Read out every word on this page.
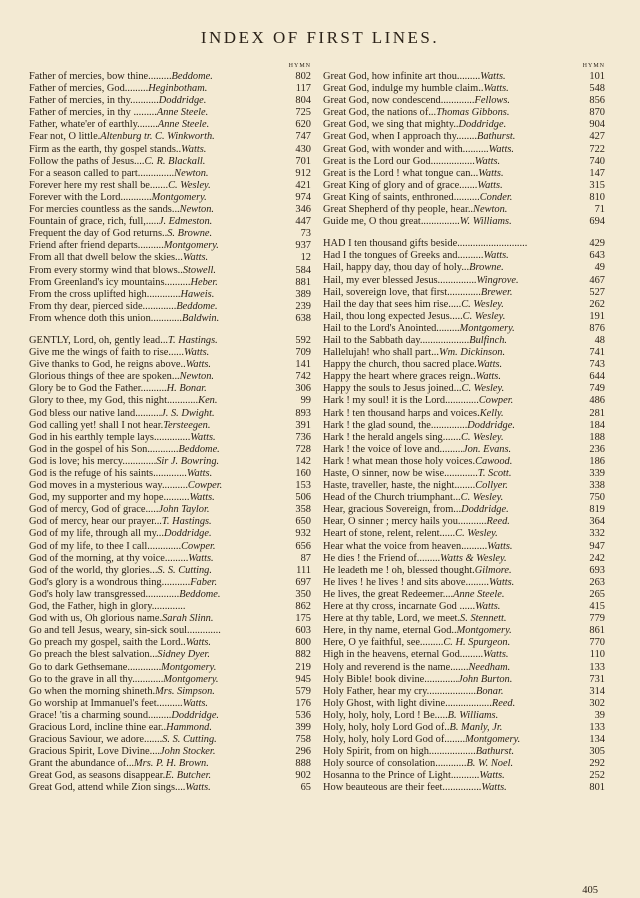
INDEX OF FIRST LINES.
HYMN
Father of mercies, bow thine.........Beddome.	802
Father of mercies, God.........Heginbotham.	117
Father of mercies, in thy...........Doddridge.	804
Father of mercies, in thy .........Anne Steele.	725
Father, whate'er of earthly........Anne Steele.	620
Fear not, O little.Altenburg tr. C. Winkworth.	747
Firm as the earth, thy gospel stands..Watts.	430
Follow the paths of Jesus....C. R. Blackall.	701
For a season called to part..............Newton.	912
Forever here my rest shall be.......C. Wesley.	421
Forever with the Lord............Montgomery.	974
For mercies countless as the sands...Newton.	346
Fountain of grace, rich, full,.....J. Edmeston.	447
Frequent the day of God returns..S. Browne.	73
Friend after friend departs..........Montgomery.	937
From all that dwell below the skies...Watts.	12
From every stormy wind that blows..Stowell.	584
From Greenland's icy mountains..........Heber.	881
From the cross uplifted high.............Haweis.	389
From thy dear, pierced side.............Beddome.	239
From whence doth this union............Baldwin.	638
GENTLY, Lord, oh, gently lead...T. Hastings.	592
Give me the wings of faith to rise......Watts.	709
Give thanks to God, he reigns above..Watts.	141
Glorious things of thee are spoken...Newton.	742
Glory be to God the Father..........H. Bonar.	306
Glory to thee, my God, this night............Ken.	99
God bless our native land..........J. S. Dwight.	893
God calling yet! shall I not hear.Tersteegen.	391
God in his earthly temple lays..............Watts.	736
God in the gospel of his Son............Beddome.	728
God is love; his mercy.............Sir J. Bowring.	142
God is the refuge of his saints.............Watts.	160
God moves in a mysterious way..........Cowper.	153
God, my supporter and my hope..........Watts.	506
God of mercy, God of grace.....John Taylor.	358
God of mercy, hear our prayer...T. Hastings.	650
God of my life, through all my...Doddridge.	932
God of my life, to thee I call.............Cowper.	656
God of the morning, at thy voice.........Watts.	87
God of the world, thy glories...S. S. Cutting.	111
God's glory is a wondrous thing...........Faber.	697
God's holy law transgressed.............Beddome.	350
God, the Father, high in glory.............	862
God with us, Oh glorious name.Sarah Slinn.	175
Go and tell Jesus, weary, sin-sick soul.............	603
Go preach my gospel, saith the Lord..Watts.	800
Go preach the blest salvation...Sidney Dyer.	882
Go to dark Gethsemane.............Montgomery.	219
Go to the grave in all thy............Montgomery.	945
Go when the morning shineth.Mrs. Simpson.	579
Go worship at Immanuel's feet..........Watts.	176
Grace! 'tis a charming sound.........Doddridge.	536
Gracious Lord, incline thine ear..Hammond.	399
Gracious Saviour, we adore.......S. S. Cutting.	758
Gracious Spirit, Love Divine....John Stocker.	296
Grant the abundance of...Mrs. P. H. Brown.	888
Great God, as seasons disappear.E. Butcher.	902
Great God, attend while Zion sings....Watts.	65
HYMN
Great God, how infinite art thou.........Watts.	101
Great God, indulge my humble claim..Watts.	548
Great God, now condescend.............Fellows.	856
Great God, the nations of...Thomas Gibbons.	870
Great God, we sing that mighty..Doddridge.	904
Great God, when I approach thy........Bathurst.	427
Great God, with wonder and with..........Watts.	722
Great is the Lord our God.................Watts.	740
Great is the Lord ! what tongue can...Watts.	147
Great King of glory and of grace.......Watts.	315
Great King of saints, enthroned..........Conder.	810
Great Shepherd of thy people, hear..Newton.	71
Guide me, O thou great...............W. Williams.	694
HAD I ten thousand gifts beside...........................	429
Had I the tongues of Greeks and..........Watts.	643
Hail, happy day, thou day of holy...Browne.	49
Hail, my ever blessed Jesus...............Wingrove.	467
Hail, sovereign love, that first.............Brewer.	527
Hail the day that sees him rise.....C. Wesley.	262
Hail, thou long expected Jesus.....C. Wesley.	191
Hail to the Lord's Anointed.........Montgomery.	876
Hail to the Sabbath day...................Bulfinch.	48
Hallelujah! who shall part...Wm. Dickinson.	741
Happy the church, thou sacred place.Watts.	743
Happy the heart where graces reign..Watts.	644
Happy the souls to Jesus joined...C. Wesley.	749
Hark ! my soul! it is the Lord.............Cowper.	486
Hark ! ten thousand harps and voices.Kelly.	281
Hark ! the glad sound, the..............Doddridge.	184
Hark ! the herald angels sing.......C. Wesley.	188
Hark ! the voice of love and.........Jon. Evans.	236
Hark ! what mean those holy voices.Cawood.	186
Haste, O sinner, now be wise.............T. Scott.	339
Haste, traveller, haste, the night........Collyer.	338
Head of the Church triumphant...C. Wesley.	750
Hear, gracious Sovereign, from...Doddridge.	819
Hear, O sinner ; mercy hails you...........Reed.	364
Heart of stone, relent, relent......C. Wesley.	332
Hear what the voice from heaven..........Watts.	947
He dies ! the Friend of.........Watts & Wesley.	242
He leadeth me ! oh, blessed thought.Gilmore.	693
He lives ! he lives ! and sits above.........Watts.	263
He lives, the great Redeemer....Anne Steele.	265
Here at thy cross, incarnate God ......Watts.	415
Here at thy table, Lord, we meet.S. Stennett.	779
Here, in thy name, eternal God..Montgomery.	861
Here, O ye faithful, see.........C. H. Spurgeon.	770
High in the heavens, eternal God.........Watts.	110
Holy and reverend is the name.......Needham.	133
Holy Bible! book divine.............John Burton.	731
Holy Father, hear my cry...................Bonar.	314
Holy Ghost, with light divine..................Reed.	302
Holy, holy, holy, Lord ! Be.....B. Williams.	39
Holy, holy, holy Lord God of..B. Manly, Jr.	133
Holy, holy, holy Lord God of........Montgomery.	134
Holy Spirit, from on high..................Bathurst.	305
Holy source of consolation............B. W. Noel.	292
Hosanna to the Prince of Light...........Watts.	252
How beauteous are their feet...............Watts.	801
405
